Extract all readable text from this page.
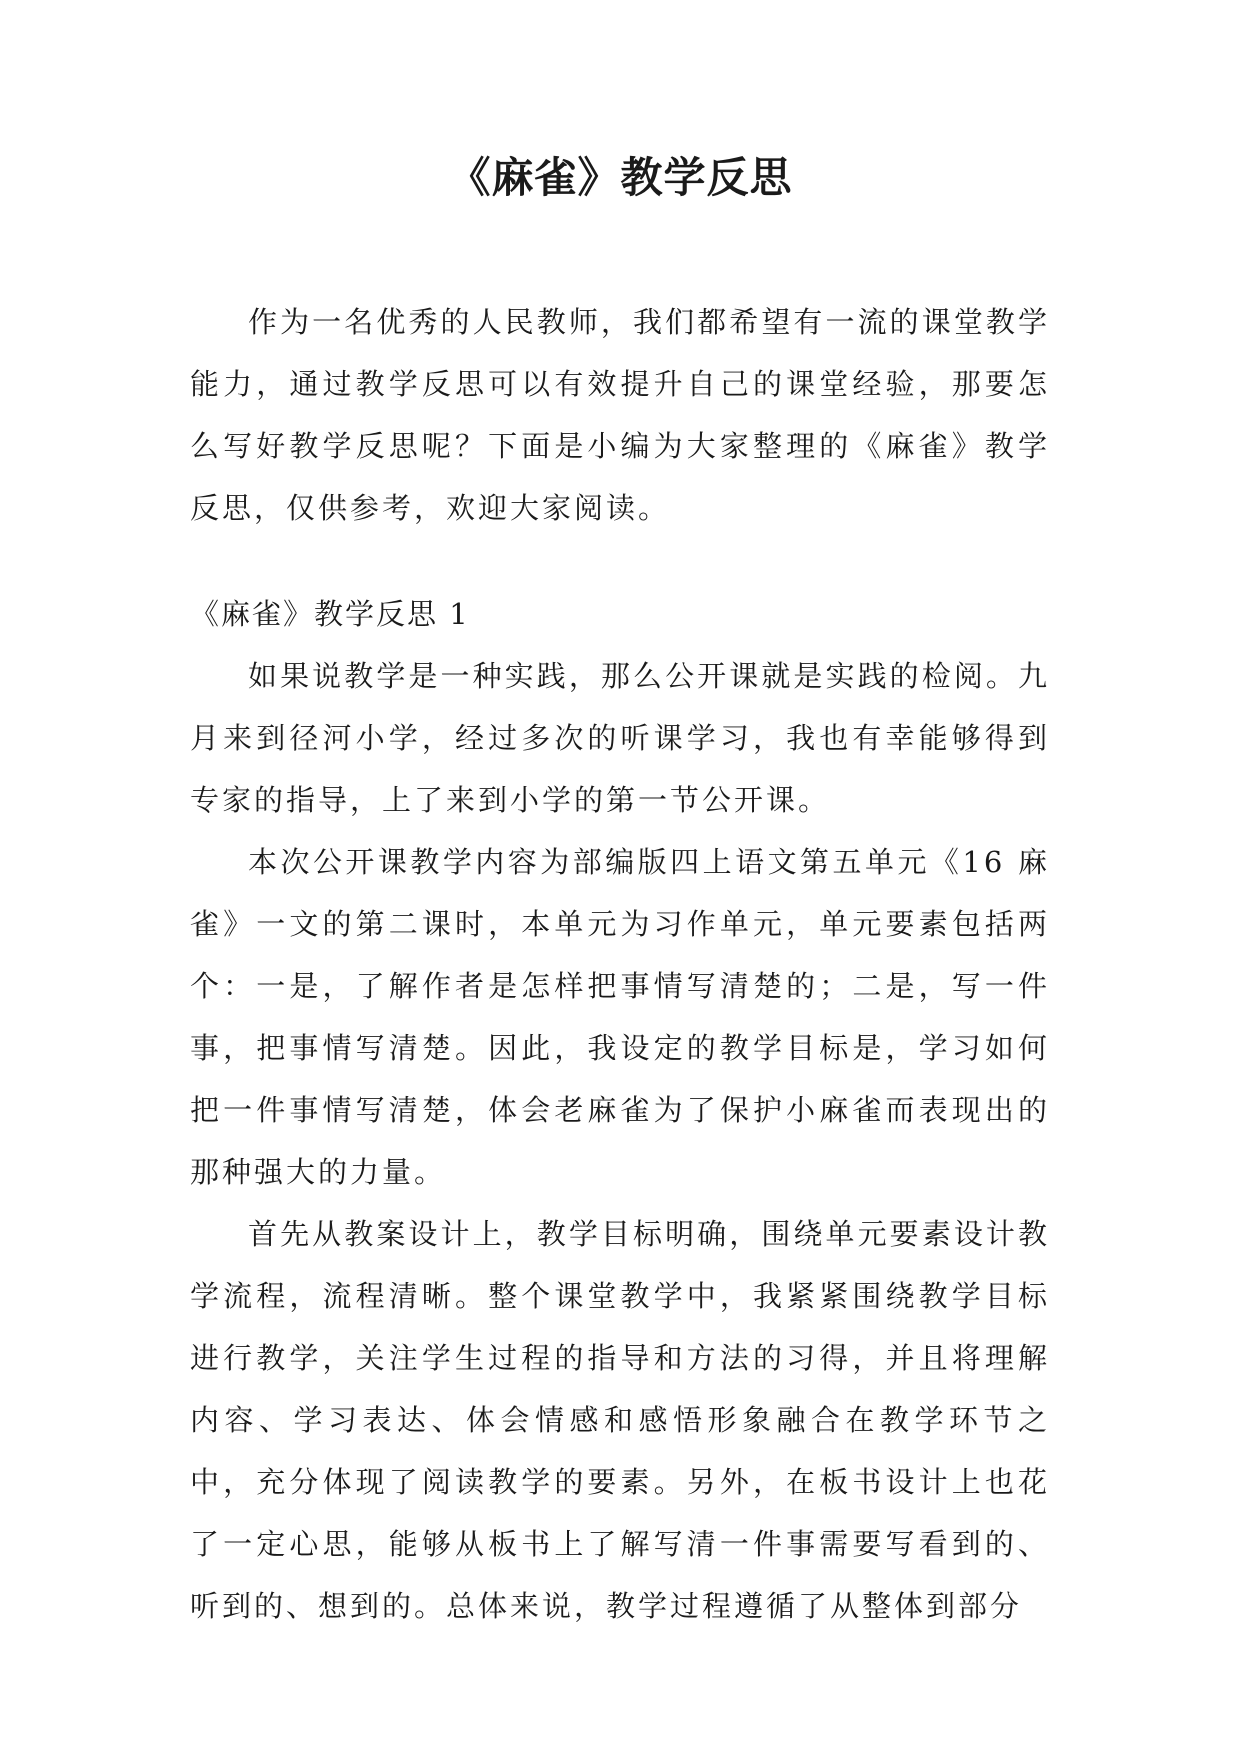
《麻雀》教学反思

作为一名优秀的人民教师，我们都希望有一流的课堂教学能力，通过教学反思可以有效提升自己的课堂经验，那要怎么写好教学反思呢？下面是小编为大家整理的《麻雀》教学反思，仅供参考，欢迎大家阅读。

《麻雀》教学反思 1

如果说教学是一种实践，那么公开课就是实践的检阅。九月来到径河小学，经过多次的听课学习，我也有幸能够得到专家的指导，上了来到小学的第一节公开课。

本次公开课教学内容为部编版四上语文第五单元《16 麻雀》一文的第二课时，本单元为习作单元，单元要素包括两个：一是，了解作者是怎样把事情写清楚的；二是，写一件事，把事情写清楚。因此，我设定的教学目标是，学习如何把一件事情写清楚，体会老麻雀为了保护小麻雀而表现出的那种强大的力量。

首先从教案设计上，教学目标明确，围绕单元要素设计教学流程，流程清晰。整个课堂教学中，我紧紧围绕教学目标进行教学，关注学生过程的指导和方法的习得，并且将理解内容、学习表达、体会情感和感悟形象融合在教学环节之中，充分体现了阅读教学的要素。另外，在板书设计上也花了一定心思，能够从板书上了解写清一件事需要写看到的、听到的、想到的。总体来说，教学过程遵循了从整体到部分
